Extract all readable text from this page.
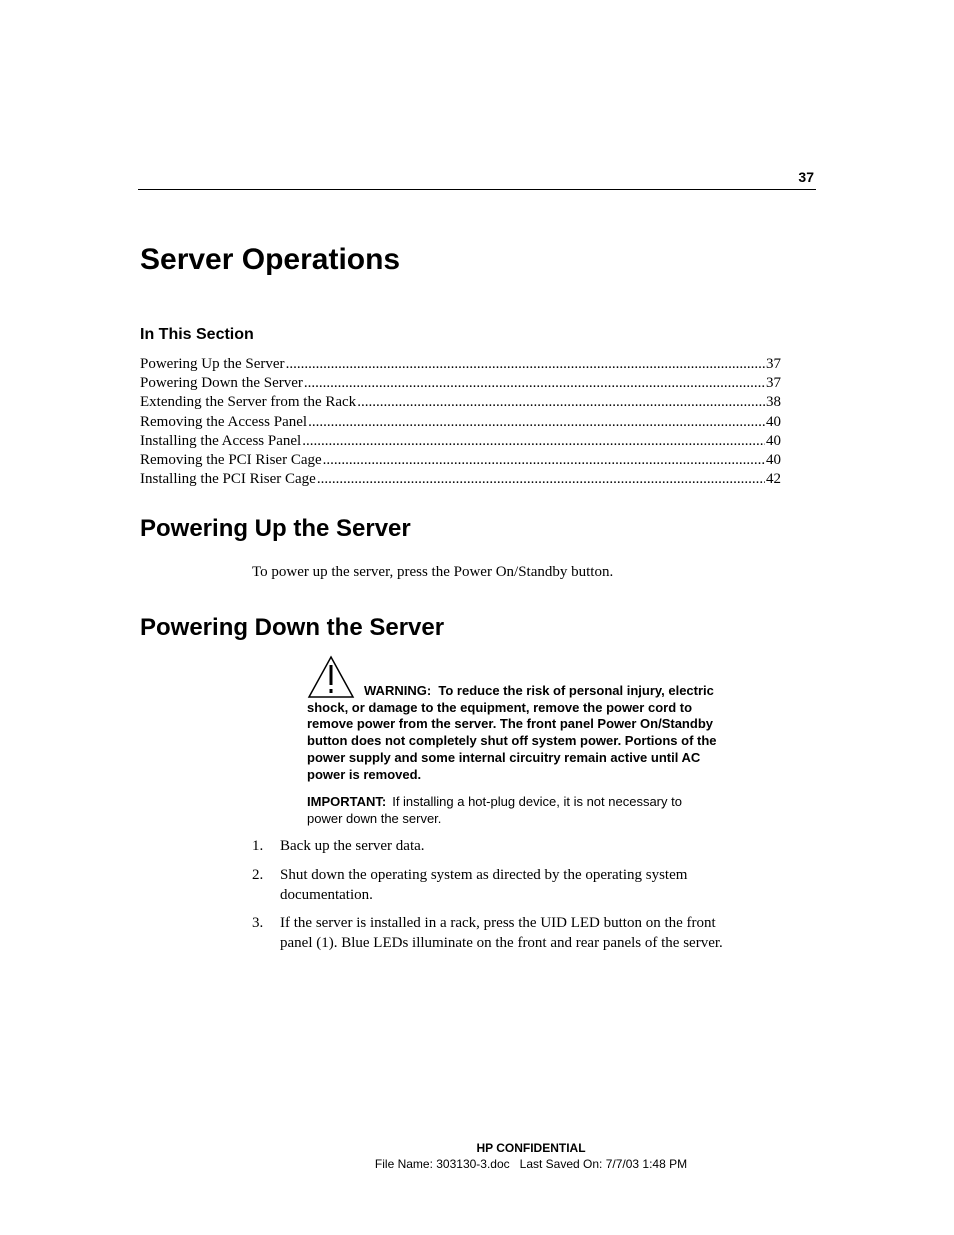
37
Server Operations
In This Section
Powering Up the Server .....	37
Powering Down the Server .....	37
Extending the Server from the Rack .....	38
Removing the Access Panel .....	40
Installing the Access Panel .....	40
Removing the PCI Riser Cage .....	40
Installing the PCI Riser Cage .....	42
Powering Up the Server

To power up the server, press the Power On/Standby button.

Powering Down the Server
WARNING: To reduce the risk of personal injury, electric
shock, or damage to the equipment, remove the power cord to
remove power from the server. The front panel Power On/Standby
button does not completely shut off system power. Portions of the
power supply and some internal circuitry remain active until AC
power is removed.
IMPORTANT: If installing a hot-plug device, it is not necessary to
power down the server.
1.	Back up the server data.
2.	Shut down the operating system as directed by the operating system
documentation.
3.	If the server is installed in a rack, press the UID LED button on the front
panel (1). Blue LEDs illuminate on the front and rear panels of the server.
HP CONFIDENTIAL
File Name: 303130-3.doc   Last Saved On: 7/7/03 1:48 PM
